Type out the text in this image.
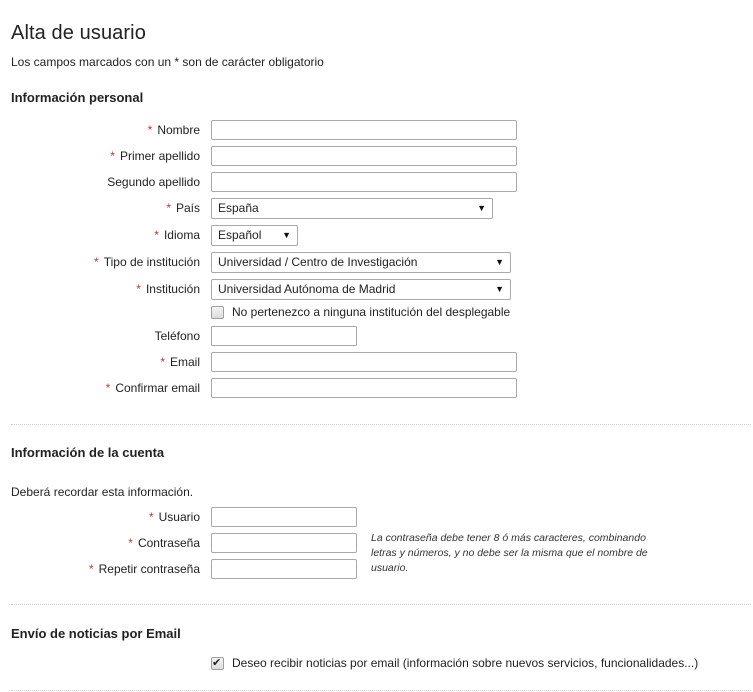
Alta de usuario
Los campos marcados con un * son de carácter obligatorio
Información personal
* Nombre
* Primer apellido
Segundo apellido
* País	España	▼
* Idioma	Español ▼
* Tipo de institución	Universidad / Centro de Investigación	▼
* Institución	Universidad Autónoma de Madrid	▼
No pertenezco a ninguna institución del desplegable
Teléfono
* Email
* Confirmar email
Información de la cuenta
Deberá recordar esta información.
* Usuario
* Contraseña
* Repetir contraseña
La contraseña debe tener 8 ó más caracteres, combinando letras y números, y no debe ser la misma que el nombre de usuario.
Envío de noticias por Email
✔ Deseo recibir noticias por email (información sobre nuevos servicios, funcionalidades...)
